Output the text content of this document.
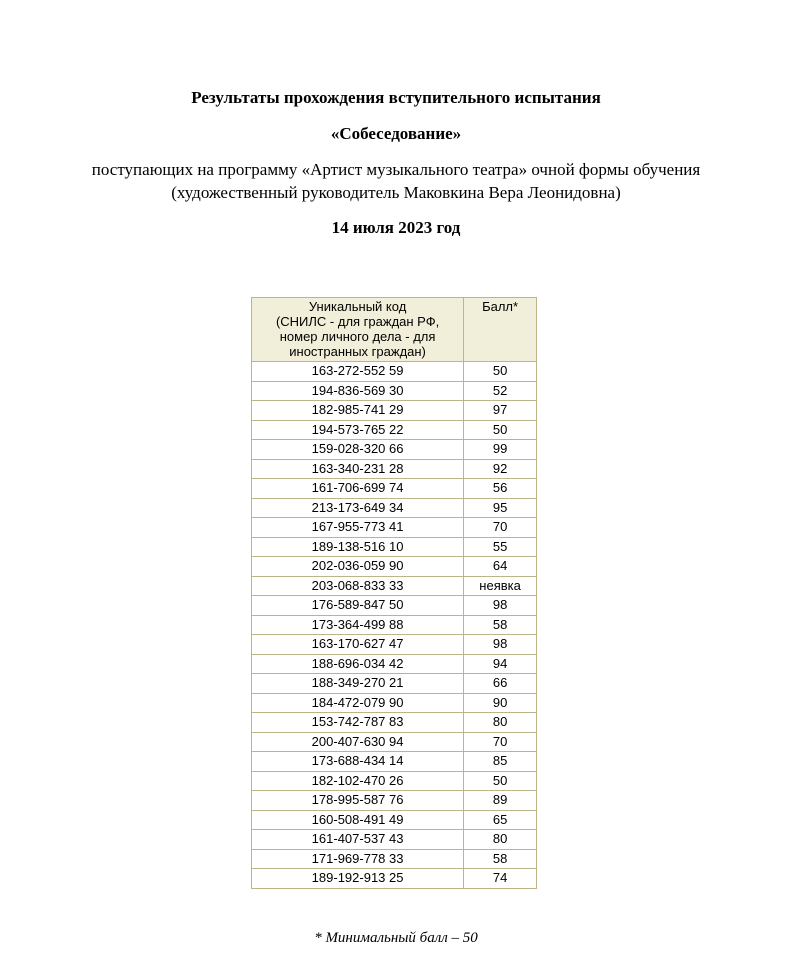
Результаты прохождения вступительного испытания
«Собеседование»
поступающих на программу «Артист музыкального театра» очной формы обучения
(художественный руководитель Маковкина Вера Леонидовна)
14 июля 2023 год
Уникальный код
(СНИЛС - для граждан РФ,
номер личного дела - для
иностранных граждан)	Балл*
163-272-552 59	50
194-836-569 30	52
182-985-741 29	97
194-573-765 22	50
159-028-320 66	99
163-340-231 28	92
161-706-699 74	56
213-173-649 34	95
167-955-773 41	70
189-138-516 10	55
202-036-059 90	64
203-068-833 33	неявка
176-589-847 50	98
173-364-499 88	58
163-170-627 47	98
188-696-034 42	94
188-349-270 21	66
184-472-079 90	90
153-742-787 83	80
200-407-630 94	70
173-688-434 14	85
182-102-470 26	50
178-995-587 76	89
160-508-491 49	65
161-407-537 43	80
171-969-778 33	58
189-192-913 25	74
* Минимальный балл – 50
